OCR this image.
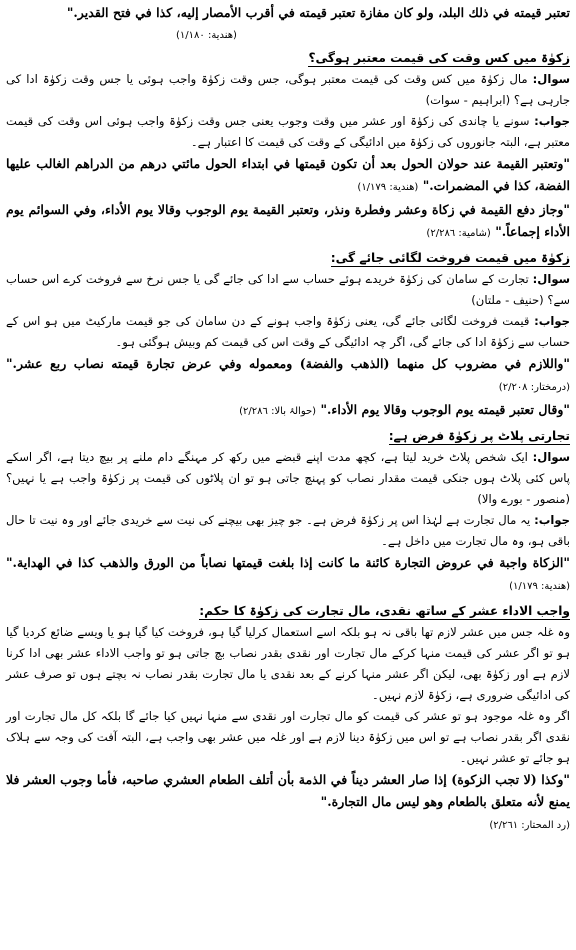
تعتبر قيمته في ذلك البلد، ولو كان مفازة تعتبر قيمته في أقرب الأمصار إليه، كذا في فتح القدير."

(هندية: ١/١٨٠)

زکوٰۃ میں کس وقت کی قیمت معتبر ہوگی؟

سوال: مال زکوٰۃ میں کس وقت کی قیمت معتبر ہوگی، جس وقت زکوٰۃ واجب ہوئی یا جس وقت زکوٰۃ ادا کی جارہی ہے؟ (ابراہیم - سوات)

جواب: سونے یا چاندی کی زکوٰۃ اور عشر میں وقت وجوب یعنی جس وقت زکوٰۃ واجب ہوئی اس وقت کی قیمت معتبر ہے، البتہ جانوروں کی زکوٰۃ میں ادائیگی کے وقت کی قیمت کا اعتبار ہے۔

"وتعتبر القيمة عند حولان الحول بعد أن تكون قيمتها في ابتداء الحول مائتي درهم من الدراهم الغالب عليها الفضة، كذا في المضمرات." (هندية: ١/١٧٩)

"وجاز دفع القيمة في زكاة وعشر وفطرة ونذر، وتعتبر القيمة يوم الوجوب وقالا يوم الأداء، وفي السوائم يوم الأداء إجماعاً." (شامية: ٢/٢٨٦)

زکوٰۃ میں قیمت فروخت لگائی جائے گی:

سوال: تجارت کے سامان کی زکوٰۃ خریدے ہوئے حساب سے ادا کی جائے گی یا جس نرخ سے فروخت کرے اس حساب سے؟ (حنیف - ملتان)

جواب: قیمت فروخت لگائی جائے گی، یعنی زکوٰۃ واجب ہونے کے دن سامان کی جو قیمت مارکیٹ میں ہو اس کے حساب سے زکوٰۃ ادا کی جائے گی، اگر چہ ادائیگی کے وقت اس کی قیمت کم وبیش ہوگئی ہو۔

"واللازم في مضروب كل منهما (الذهب والفضة) ومعموله وفي عرض تجارة قيمته نصاب ربع عشر." (درمختار: ٢/٢٠٨)

"وقال تعتبر قيمته يوم الوجوب وقالا يوم الأداء." (حوالۂ بالا: ٢/٢٨٦)

تجارتی پلاٹ پر زکوٰۃ فرض ہے:

سوال: ایک شخص پلاٹ خرید لیتا ہے، کچھ مدت اپنے قبضے میں رکھ کر مہنگے دام ملنے پر بیچ دیتا ہے، اگر اسکے پاس کئی پلاٹ ہوں جنکی قیمت مقدار نصاب کو پہنچ جاتی ہو تو ان پلاٹوں کی قیمت پر زکوٰۃ واجب ہے یا نہیں؟ (منصور - بورے والا)

جواب: یہ مال تجارت ہے لہٰذا اس پر زکوٰۃ فرض ہے۔ جو چیز بھی بیچنے کی نیت سے خریدی جائے اور وہ نیت تا حال باقی ہو، وہ مال تجارت میں داخل ہے۔

"الزكاة واجبة في عروض التجارة كائنة ما كانت إذا بلغت قيمتها نصاباً من الورق والذهب كذا في الهداية." (هندية: ١/١٧٩)

واجب الاداء عشر کے ساتھ نقدی، مال تجارت کی زکوٰۃ کا حکم:

وہ غلہ جس میں عشر لازم تھا باقی نہ ہو بلکہ اسے استعمال کرلیا گیا ہو، فروخت کیا گیا ہو یا ویسے ضائع کردیا گیا ہو تو اگر عشر کی قیمت منہا کرکے مال تجارت اور نقدی بقدر نصاب بچ جاتی ہو تو واجب الاداء عشر بھی ادا کرنا لازم ہے اور زکوٰۃ بھی، لیکن اگر عشر منہا کرنے کے بعد نقدی یا مال تجارت بقدر نصاب نہ بچتے ہوں تو صرف عشر کی ادائیگی ضروری ہے، زکوٰۃ لازم نہیں۔

اگر وہ غلہ موجود ہو تو عشر کی قیمت کو مال تجارت اور نقدی سے منہا نہیں کیا جائے گا بلکہ کل مال تجارت اور نقدی اگر بقدر نصاب ہے تو اس میں زکوٰۃ دینا لازم ہے اور غلہ میں عشر بھی واجب ہے، البتہ آفت کی وجہ سے ہلاک ہو جائے تو عشر نہیں۔

"وكذا (لا تجب الزكوة) إذا صار العشر ديناً في الذمة بأن أتلف الطعام العشري صاحبه، فأما وجوب العشر فلا يمنع لأنه متعلق بالطعام وهو ليس مال التجارة."

(رد المحتار: ٢/٢٦١)
